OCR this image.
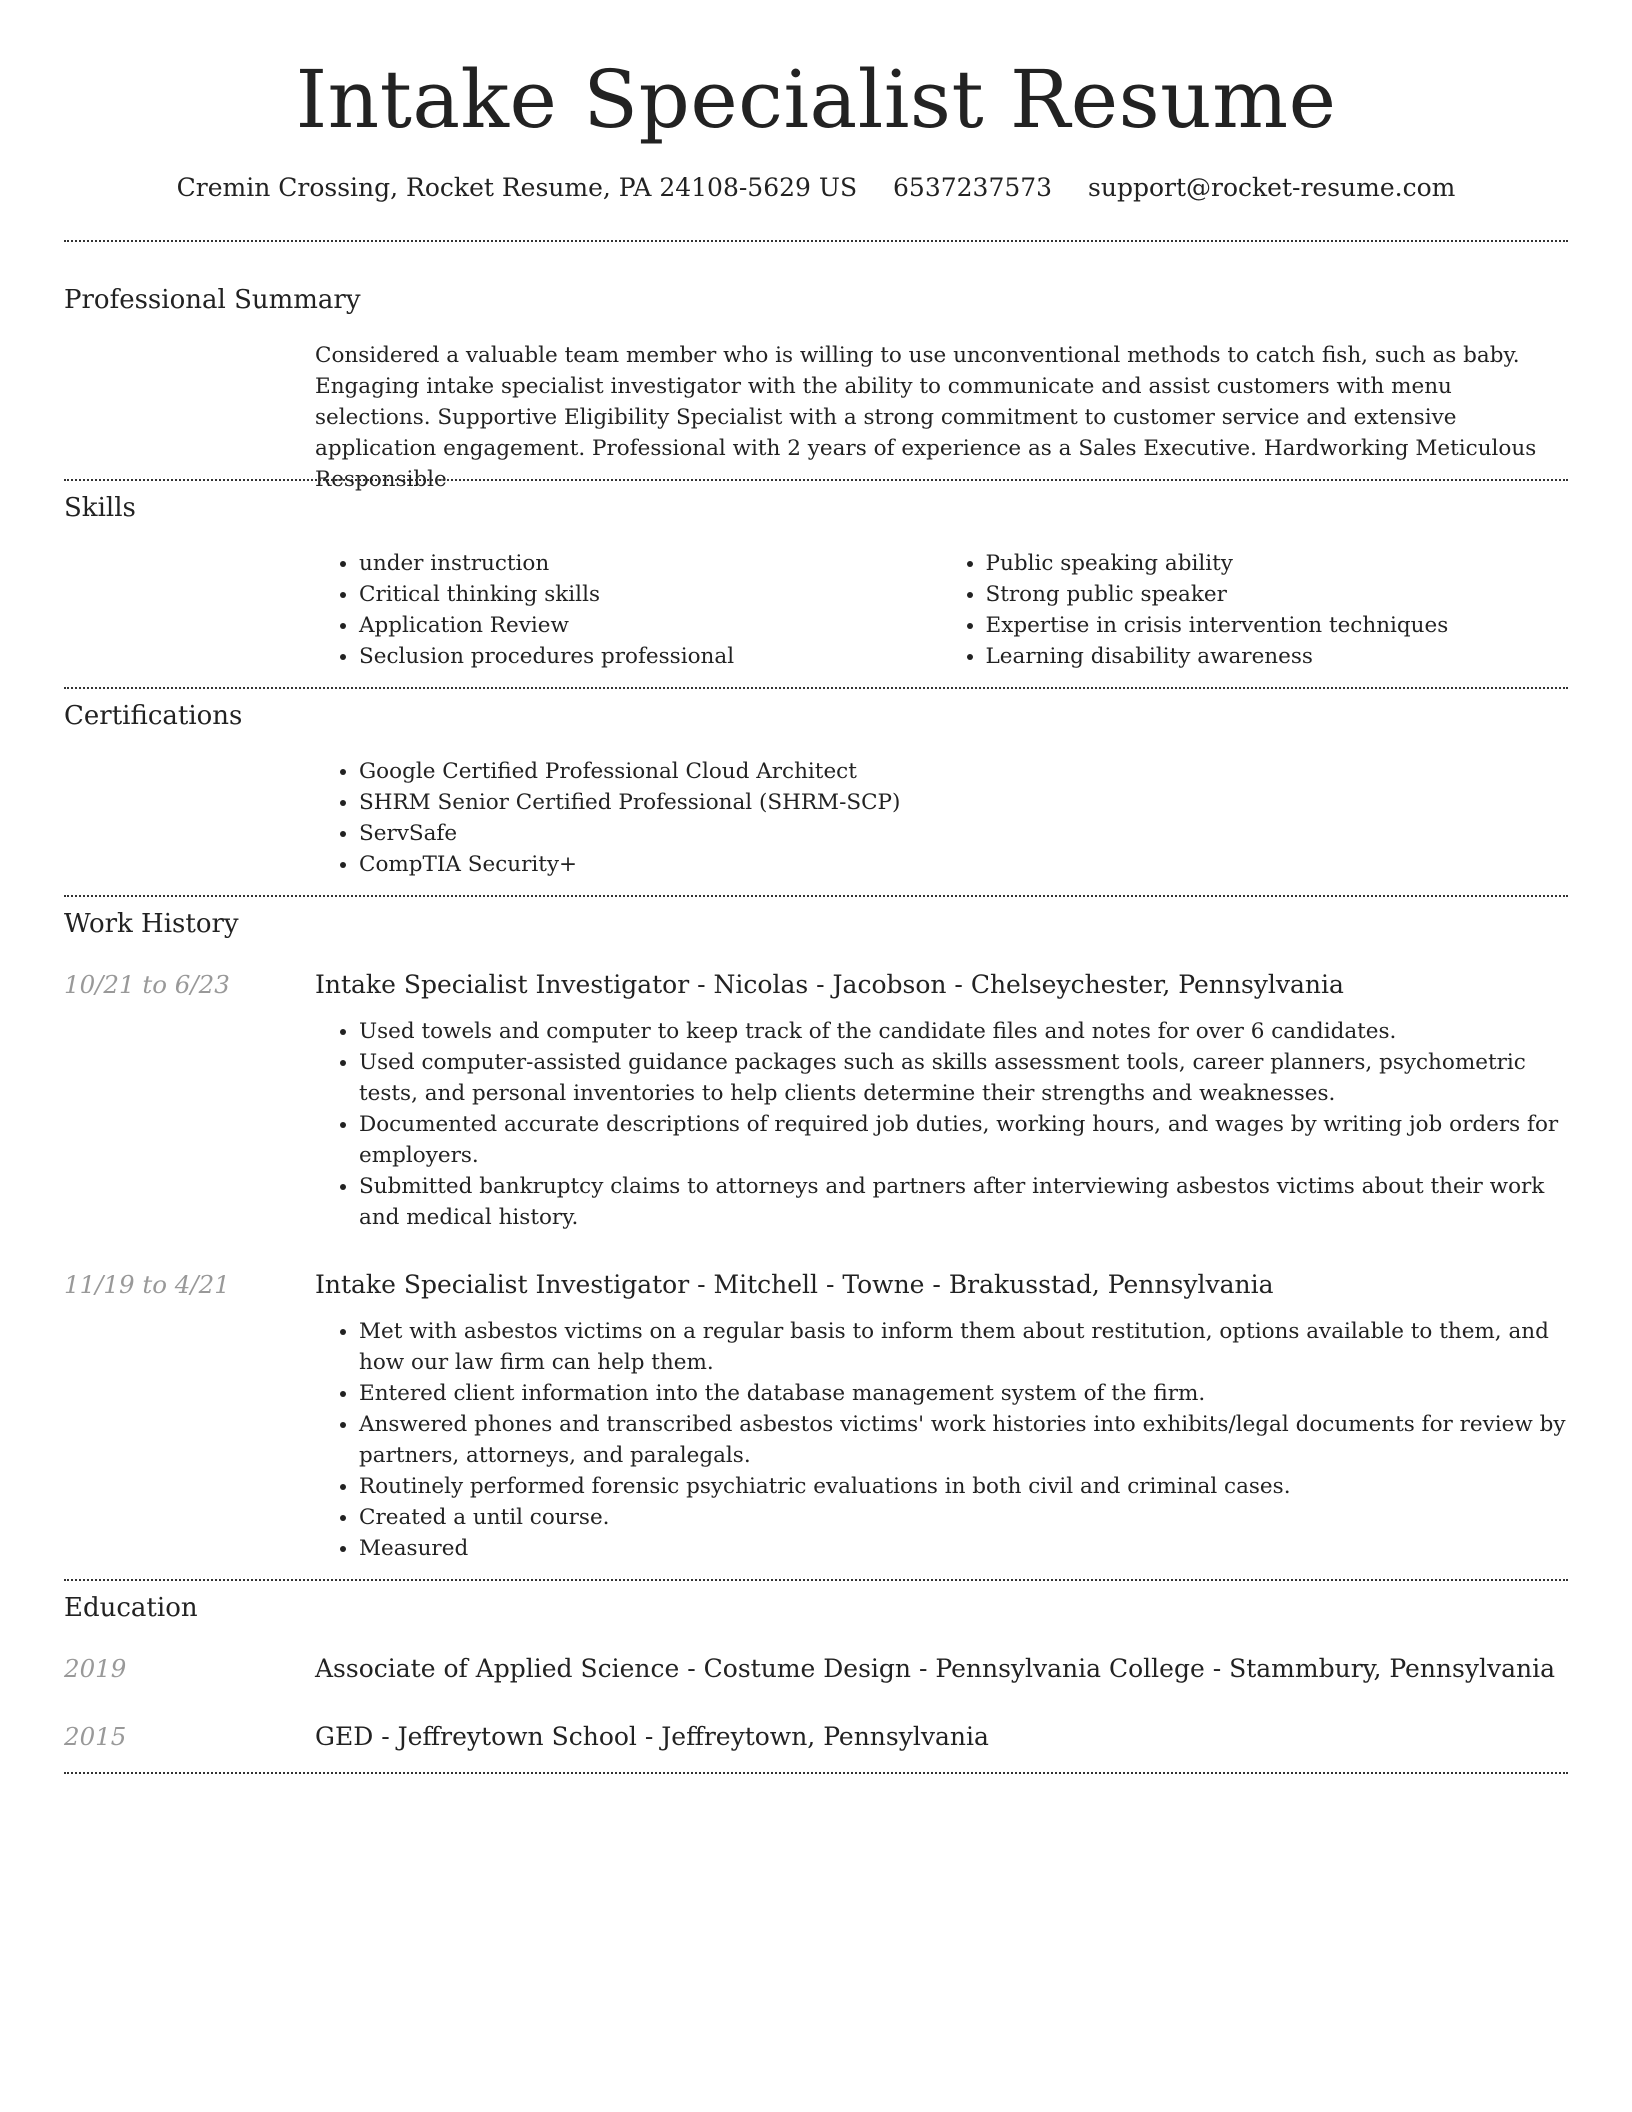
Intake Specialist Resume
Cremin Crossing, Rocket Resume, PA 24108-5629 US 6537237573 support@rocket-resume.com
Professional Summary

Considered a valuable team member who is willing to use unconventional methods to catch fish, such as baby. Engaging intake specialist investigator with the ability to communicate and assist customers with menu selections. Supportive Eligibility Specialist with a strong commitment to customer service and extensive application engagement. Professional with 2 years of experience as a Sales Executive. Hardworking Meticulous Responsible

Skills
• under instruction
• Critical thinking skills
• Application Review
• Seclusion procedures professional
• Public speaking ability
• Strong public speaker
• Expertise in crisis intervention techniques
• Learning disability awareness
Certifications
• Google Certified Professional Cloud Architect
• SHRM Senior Certified Professional (SHRM-SCP)
• ServSafe
• CompTIA Security+
Work History
10/21 to 6/23	Intake Specialist Investigator - Nicolas - Jacobson - Chelseychester, Pennsylvania
• Used towels and computer to keep track of the candidate files and notes for over 6 candidates.
• Used computer-assisted guidance packages such as skills assessment tools, career planners, psychometric tests, and personal inventories to help clients determine their strengths and weaknesses.
• Documented accurate descriptions of required job duties, working hours, and wages by writing job orders for employers.
• Submitted bankruptcy claims to attorneys and partners after interviewing asbestos victims about their work and medical history.
11/19 to 4/21	Intake Specialist Investigator - Mitchell - Towne - Brakusstad, Pennsylvania
• Met with asbestos victims on a regular basis to inform them about restitution, options available to them, and how our law firm can help them.
• Entered client information into the database management system of the firm.
• Answered phones and transcribed asbestos victims' work histories into exhibits/legal documents for review by partners, attorneys, and paralegals.
• Routinely performed forensic psychiatric evaluations in both civil and criminal cases.
• Created a until course.
• Measured
Education
2019	Associate of Applied Science - Costume Design - Pennsylvania College - Stammbury, Pennsylvania
2015	GED - Jeffreytown School - Jeffreytown, Pennsylvania
